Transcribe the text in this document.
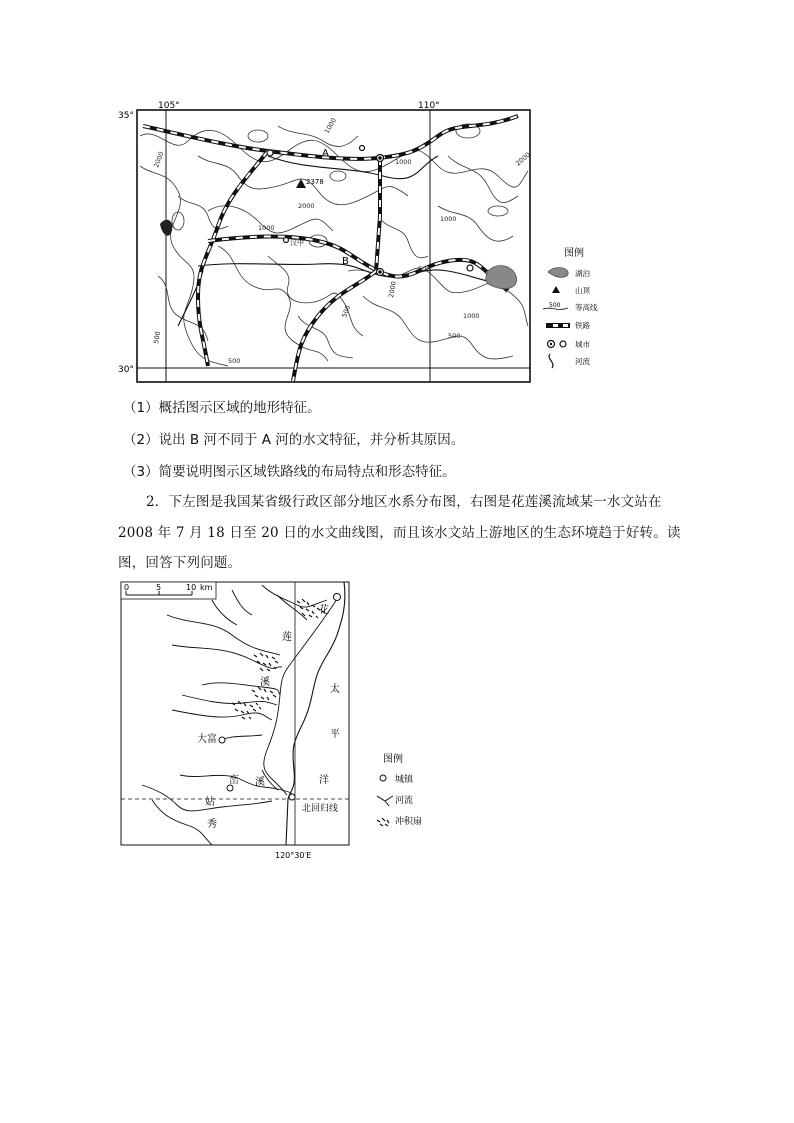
105°	110°
35°
30°
2378
汉中
A
B
1000
2000
2000
1000
1000
2000
1000
500
500
500	1000
2000
500	500
图例
湖泊
山顶
500 等高线
铁路
城市
河流
（1）概括图示区域的地形特征。
（2）说出 B 河不同于 A 河的水文特征，并分析其原因。
（3）简要说明图示区域铁路线的布局特点和形态特征。
2．下左图是我国某省级行政区部分地区水系分布图，右图是花莲溪流域某一水文站在
2008 年 7 月 18 日至 20 日的水文曲线图，而且该水文站上游地区的生态环境趋于好转。读
图，回答下列问题。
0	5	10 km
花
莲
溪
太
平
洋
大富
峦 溪
姑
秀
北回归线
120°30′E
图例
城镇
河流
冲积扇
